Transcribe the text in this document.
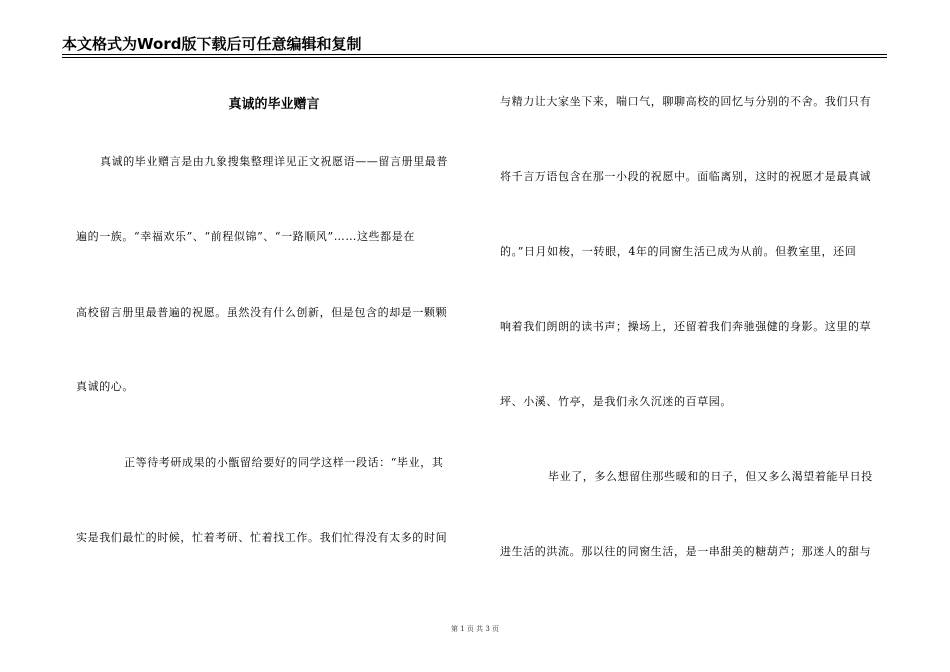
本文格式为Word版下载后可任意编辑和复制
真诚的毕业赠言
真诚的毕业赠言是由九象搜集整理详见正文祝愿语——留言册里最普
遍的一族。“幸福欢乐”、“前程似锦”、“一路顺风”……这些都是在
高校留言册里最普遍的祝愿。虽然没有什么创新，但是包含的却是一颗颗
真诚的心。
正等待考研成果的小甑留给要好的同学这样一段话：“毕业，其
实是我们最忙的时候，忙着考研、忙着找工作。我们忙得没有太多的时间
与精力让大家坐下来，喘口气，聊聊高校的回忆与分别的不舍。我们只有
将千言万语包含在那一小段的祝愿中。面临离别，这时的祝愿才是最真诚
的。”日月如梭，一转眼，4年的同窗生活已成为从前。但教室里，还回
响着我们朗朗的读书声；操场上，还留着我们奔驰强健的身影。这里的草
坪、小溪、竹亭，是我们永久沉迷的百草园。
毕业了，多么想留住那些暖和的日子，但又多么渴望着能早日投
进生活的洪流。那以往的同窗生活，是一串甜美的糖葫芦；那迷人的甜与
第 1 页 共 3 页
